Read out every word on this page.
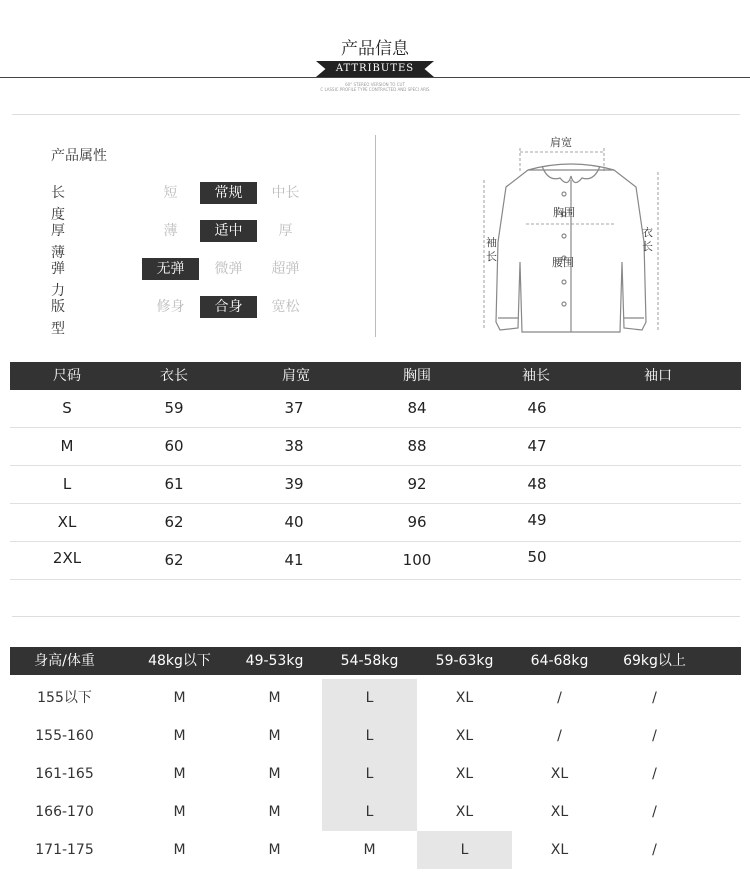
产品信息
ATTRIBUTES
60° STEREO VERSION TO CUT
C LASSIC PROFILE TYPE CONTRACTED AND SPECI ARIS
产品属性
长度
短	常规	中长
厚薄
薄	适中	厚
弹力
无弹	微弹	超弹
版型
修身	合身	宽松
肩宽
胸围
腰围
袖长
衣长
尺码	衣长	肩宽	胸围	袖长	袖口
S	59	37	84	46
M	60	38	88	47
L	61	39	92	48
XL	62	40	96	49
2XL	62	41	100	50
身高/体重	48kg以下	49-53kg	54-58kg	59-63kg	64-68kg	69kg以上
155以下	M	M	L	XL	/	/
155-160	M	M	L	XL	/	/
161-165	M	M	L	XL	XL	/
166-170	M	M	L	XL	XL	/
171-175	M	M	M	L	XL	/
